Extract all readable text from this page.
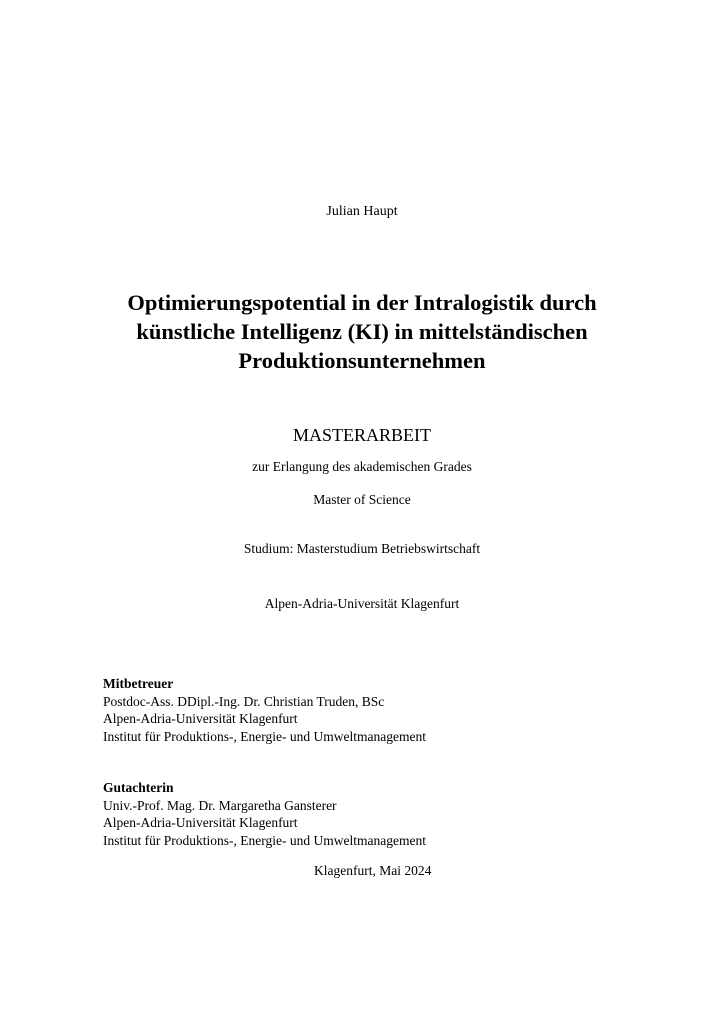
Julian Haupt

Optimierungspotential in der Intralogistik durch
künstliche Intelligenz (KI) in mittelständischen
Produktionsunternehmen

MASTERARBEIT

zur Erlangung des akademischen Grades

Master of Science

Studium: Masterstudium Betriebswirtschaft

Alpen-Adria-Universität Klagenfurt

Mitbetreuer
Postdoc-Ass. DDipl.-Ing. Dr. Christian Truden, BSc
Alpen-Adria-Universität Klagenfurt
Institut für Produktions-, Energie- und Umweltmanagement
Gutachterin
Univ.-Prof. Mag. Dr. Margaretha Gansterer
Alpen-Adria-Universität Klagenfurt
Institut für Produktions-, Energie- und Umweltmanagement

Klagenfurt, Mai 2024
